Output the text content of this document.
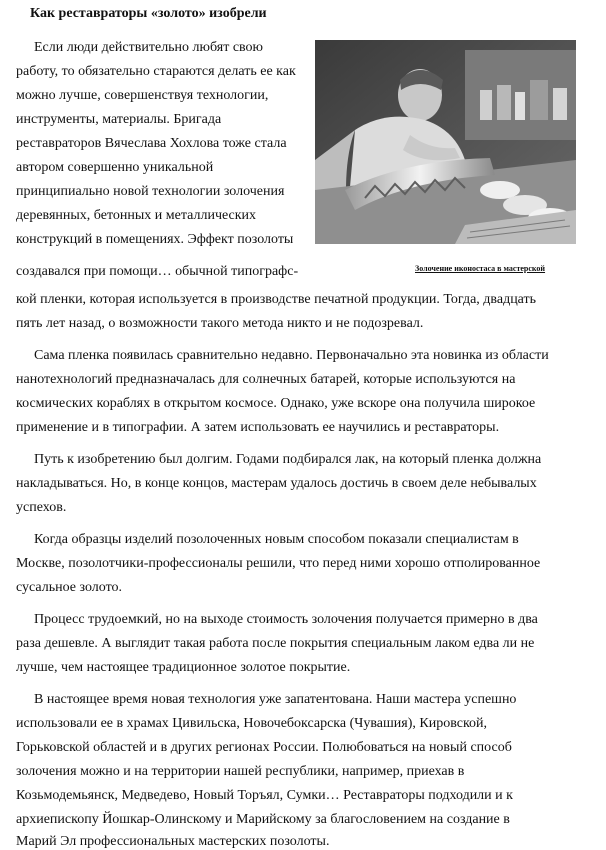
Как реставраторы «золото» изобрели
Золочение иконостаса в мастерской
Если люди действительно любят свою
работу, то обязательно стараются делать ее как
можно лучше, совершенствуя технологии,
инструменты, материалы. Бригада
реставраторов Вячеслава Хохлова тоже стала
автором совершенно уникальной
принципиально новой технологии золочения
деревянных, бетонных и металлических
конструкций в помещениях. Эффект позолоты
создавался при помощи… обычной типографс-
кой пленки, которая используется в производстве печатной продукции. Тогда, двадцать
пять лет назад, о возможности такого метода никто и не подозревал.
Сама пленка появилась сравнительно недавно. Первоначально эта новинка из области
нанотехнологий предназначалась для солнечных батарей, которые используются на
космических кораблях в открытом космосе. Однако, уже вскоре она получила широкое
применение и в типографии. А затем использовать ее научились и реставраторы.
Путь к изобретению был долгим. Годами подбирался лак, на который пленка должна
накладываться. Но, в конце концов, мастерам удалось достичь в своем деле небывалых
успехов.
Когда образцы изделий позолоченных новым способом показали специалистам в
Москве, позолотчики-профессионалы решили, что перед ними хорошо отполированное
сусальное золото.
Процесс трудоемкий, но на выходе стоимость золочения получается примерно в два
раза дешевле. А выглядит такая работа после покрытия специальным лаком едва ли не
лучше, чем настоящее традиционное золотое покрытие.
В настоящее время новая технология уже запатентована. Наши мастера успешно
использовали ее в храмах Цивильска, Новочебоксарска (Чувашия), Кировской,
Горьковской областей и в других регионах России. Полюбоваться на новый способ
золочения можно и на территории нашей республики, например, приехав в
Козьмодемьянск, Медведево, Новый Торъял, Сумки… Реставраторы подходили и к
архиепископу Йошкар-Олинскому и Марийскому за благословением на создание в
Марий Эл профессиональных мастерских позолоты.
